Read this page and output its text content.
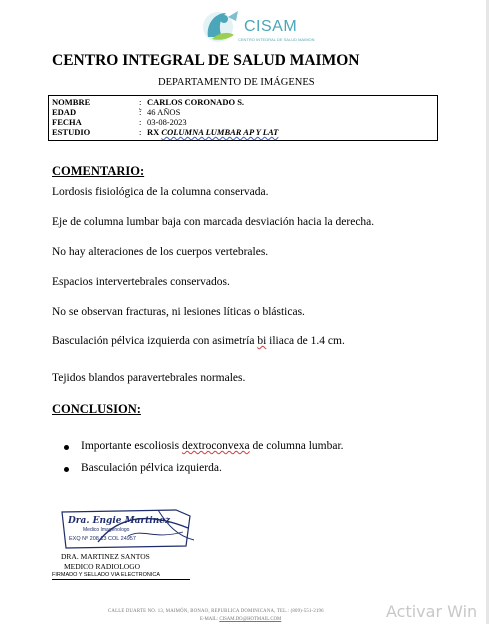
CISAM
CENTRO INTEGRAL DE SALUD MAIMON
CENTRO INTEGRAL DE SALUD MAIMON
DEPARTAMENTO DE IMÁGENES
NOMBRE	: CARLOS CORONADO S.
EDAD	: 46 AÑOS
FECHA	: 03-08-2023
ESTUDIO	: RX COLUMNA LUMBAR AP Y LAT
COMENTARIO:
Lordosis fisiológica de la columna conservada.
Eje de columna lumbar baja con marcada desviación hacia la derecha.
No hay alteraciones de los cuerpos vertebrales.
Espacios intervertebrales conservados.
No se observan fracturas, ni lesiones líticas o blásticas.
Basculación pélvica izquierda con asimetría bi iliaca de 1.4 cm.
Tejidos blandos paravertebrales normales.
CONCLUSION:
Importante escoliosis dextroconvexa de columna lumbar.
Basculación pélvica izquierda.
Dra. Engie Martinez
Medico Imagenologo
EXQ Nº 208 13 COL 24957
DRA. MARTINEZ SANTOS
MEDICO RADIOLOGO
FIRMADO Y SELLADO VIA ELECTRONICA
CALLE DUARTE NO. 13, MAIMÓN, BONAO, REPUBLICA DOMINICANA, TEL.: (809)-551-2196
E-MAIL: CISAM.DO@HOTMAIL.COM	Activar Win
